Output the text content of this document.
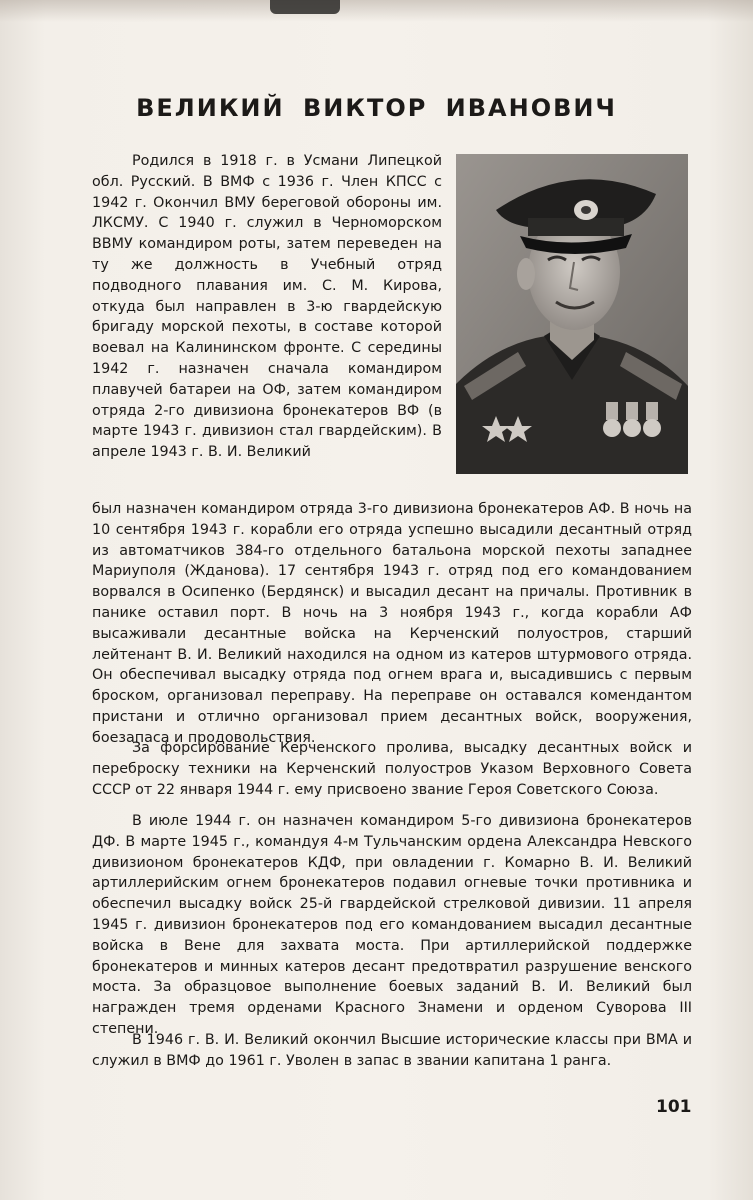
ВЕЛИКИЙ ВИКТОР ИВАНОВИЧ

Родился в 1918 г. в Усмани Липецкой обл. Русский. В ВМФ с 1936 г. Член КПСС с 1942 г. Окончил ВМУ береговой обороны им. ЛКСМУ. С 1940 г. служил в Черноморском ВВМУ командиром роты, затем переведен на ту же должность в Учебный отряд подводного плавания им. С. М. Кирова, откуда был направлен в 3-ю гвардейскую бригаду морской пехоты, в составе которой воевал на Калининском фронте. С середины 1942 г. назначен сначала командиром плавучей батареи на ОФ, затем командиром отряда 2-го дивизиона бронекатеров ВФ (в марте 1943 г. дивизион стал гвардейским). В апреле 1943 г. В. И. Великий

был назначен командиром отряда 3-го дивизиона бронекатеров АФ. В ночь на 10 сентября 1943 г. корабли его отряда успешно высадили десантный отряд из автоматчиков 384-го отдельного батальона морской пехоты западнее Мариуполя (Жданова). 17 сентября 1943 г. отряд под его командованием ворвался в Осипенко (Бердянск) и высадил десант на причалы. Противник в панике оставил порт. В ночь на 3 ноября 1943 г., когда корабли АФ высаживали десантные войска на Керченский полуостров, старший лейтенант В. И. Великий находился на одном из катеров штурмового отряда. Он обеспечивал высадку отряда под огнем врага и, высадившись с первым броском, организовал переправу. На переправе он оставался комендантом пристани и отлично организовал прием десантных войск, вооружения, боезапаса и продовольствия.

За форсирование Керченского пролива, высадку десантных войск и переброску техники на Керченский полуостров Указом Верховного Совета СССР от 22 января 1944 г. ему присвоено звание Героя Советского Союза.

В июле 1944 г. он назначен командиром 5-го дивизиона бронекатеров ДФ. В марте 1945 г., командуя 4-м Тульчанским ордена Александра Невского дивизионом бронекатеров КДФ, при овладении г. Комарно В. И. Великий артиллерийским огнем бронекатеров подавил огневые точки противника и обеспечил высадку войск 25-й гвардейской стрелковой дивизии. 11 апреля 1945 г. дивизион бронекатеров под его командованием высадил десантные войска в Вене для захвата моста. При артиллерийской поддержке бронекатеров и минных катеров десант предотвратил разрушение венского моста. За образцовое выполнение боевых заданий В. И. Великий был награжден тремя орденами Красного Знамени и орденом Суворова III степени.

В 1946 г. В. И. Великий окончил Высшие исторические классы при ВМА и служил в ВМФ до 1961 г. Уволен в запас в звании капитана 1 ранга.

101
